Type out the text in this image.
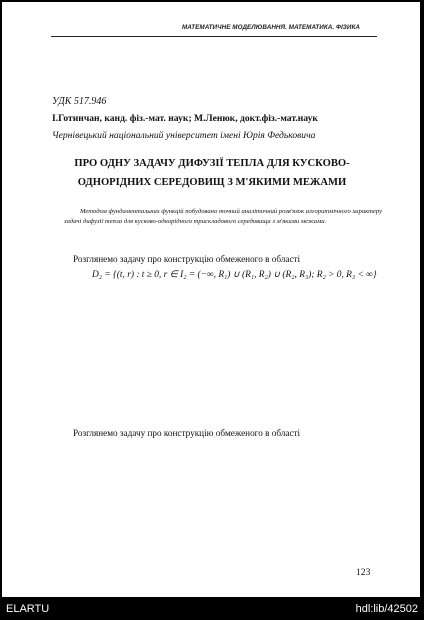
МАТЕМАТИЧНЕ МОДЕЛЮВАННЯ. МАТЕМАТИКА. ФІЗИКА
УДК 517.946
І.Готинчан, канд. фіз.-мат. наук; М.Ленюк, докт.фіз.-мат.наук
Чернівецький національний університет імені Юрія Федьковича
ПРО ОДНУ ЗАДАЧУ ДИФУЗІЇ ТЕПЛА ДЛЯ КУСКОВО-
ОДНОРІДНИХ СЕРЕДОВИЩ З М'ЯКИМИ МЕЖАМИ
Методом фундаментальних функцій побудовано точний аналітичний розв'язок алгоритмічного характеру задачі дифузії тепла для кусково-однорідного трискладового середовища з м'якими межами.
Розглянемо задачу про конструкцію обмеженого в області
D₂ = {(t, r) : t ≥ 0, r ∈ I₂ = (−∞, R₁) ∪ (R₁, R₂) ∪ (R₂, R₃); R₂ > 0, R₃ < ∞}
Розглянемо задачу про конструкцію обмеженого в області
123
ELARTU	hdl:lib/42502
